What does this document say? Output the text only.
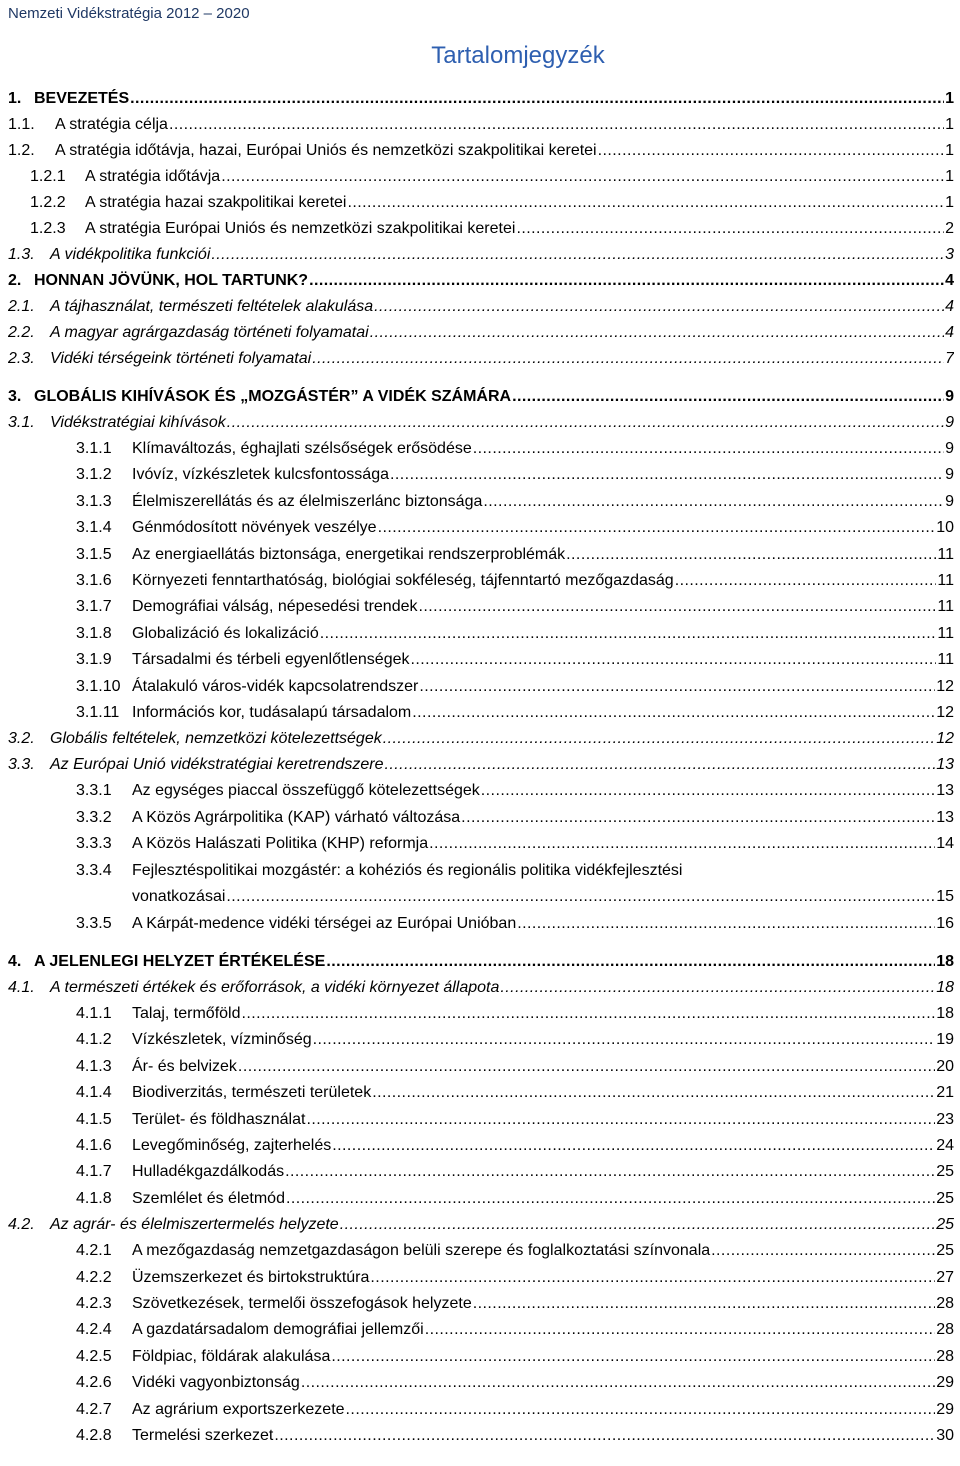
Nemzeti Vidékstratégia 2012 – 2020
Tartalomjegyzék
1. BEVEZETÉS . . .	1
1.1.	A stratégia célja . . .	1
1.2.	A stratégia időtávja, hazai, Európai Uniós és nemzetközi szakpolitikai keretei . . .	1
1.2.1	A stratégia időtávja . . .	1
1.2.2	A stratégia hazai szakpolitikai keretei . . .	1
1.2.3	A stratégia Európai Uniós és nemzetközi szakpolitikai keretei . . .	2
1.3. A vidékpolitika funkciói . . .	3
2. HONNAN JÖVÜNK, HOL TARTUNK? . . .	4
2.1. A tájhasználat, természeti feltételek alakulása . . .	4
2.2. A magyar agrárgazdaság történeti folyamatai . . .	4
2.3. Vidéki térségeink történeti folyamatai . . .	7
3. GLOBÁLIS KIHÍVÁSOK ÉS „MOZGÁSTÉR” A VIDÉK SZÁMÁRA . . .	9
3.1. Vidékstratégiai kihívások . . .	9
3.1.1	Klímaváltozás, éghajlati szélsőségek erősödése . . .	9
3.1.2	Ivóvíz, vízkészletek kulcsfontossága . . .	9
3.1.3	Élelmiszerellátás és az élelmiszerlánc biztonsága . . .	9
3.1.4	Génmódosított növények veszélye . . .	10
3.1.5	Az energiaellátás biztonsága, energetikai rendszerproblémák . . .	11
3.1.6	Környezeti fenntarthatóság, biológiai sokféleség, tájfenntartó mezőgazdaság . . .	11
3.1.7	Demográfiai válság, népesedési trendek . . .	11
3.1.8	Globalizáció és lokalizáció . . .	11
3.1.9	Társadalmi és térbeli egyenlőtlenségek . . .	11
3.1.10 Átalakuló város-vidék kapcsolatrendszer . . .	12
3.1.11 Információs kor, tudásalapú társadalom . . .	12
3.2. Globális feltételek, nemzetközi kötelezettségek . . .	12
3.3. Az Európai Unió vidékstratégiai keretrendszere . . .	13
3.3.1	Az egységes piaccal összefüggő kötelezettségek . . .	13
3.3.2	A Közös Agrárpolitika (KAP) várható változása . . .	13
3.3.3	A Közös Halászati Politika (KHP) reformja . . .	14
3.3.4	Fejlesztéspolitikai mozgástér: a kohéziós és regionális politika vidékfejlesztési
vonatkozásai . . .	15
3.3.5	A Kárpát-medence vidéki térségei az Európai Unióban . . .	16
4. A JELENLEGI HELYZET ÉRTÉKELÉSE . . .	18
4.1. A természeti értékek és erőforrások, a vidéki környezet állapota . . .	18
4.1.1	Talaj, termőföld . . .	18
4.1.2	Vízkészletek, vízminőség . . .	19
4.1.3	Ár- és belvizek . . .	20
4.1.4	Biodiverzitás, természeti területek . . .	21
4.1.5	Terület- és földhasználat . . .	23
4.1.6	Levegőminőség, zajterhelés . . .	24
4.1.7	Hulladékgazdálkodás . . .	25
4.1.8	Szemlélet és életmód . . .	25
4.2. Az agrár- és élelmiszertermelés helyzete . . .	25
4.2.1	A mezőgazdaság nemzetgazdaságon belüli szerepe és foglalkoztatási színvonala . . .	25
4.2.2	Üzemszerkezet és birtokstruktúra . . .	27
4.2.3	Szövetkezések, termelői összefogások helyzete . . .	28
4.2.4	A gazdatársadalom demográfiai jellemzői . . .	28
4.2.5	Földpiac, földárak alakulása . . .	28
4.2.6	Vidéki vagyonbiztonság . . .	29
4.2.7	Az agrárium exportszerkezete . . .	29
4.2.8	Termelési szerkezet . . .	30
